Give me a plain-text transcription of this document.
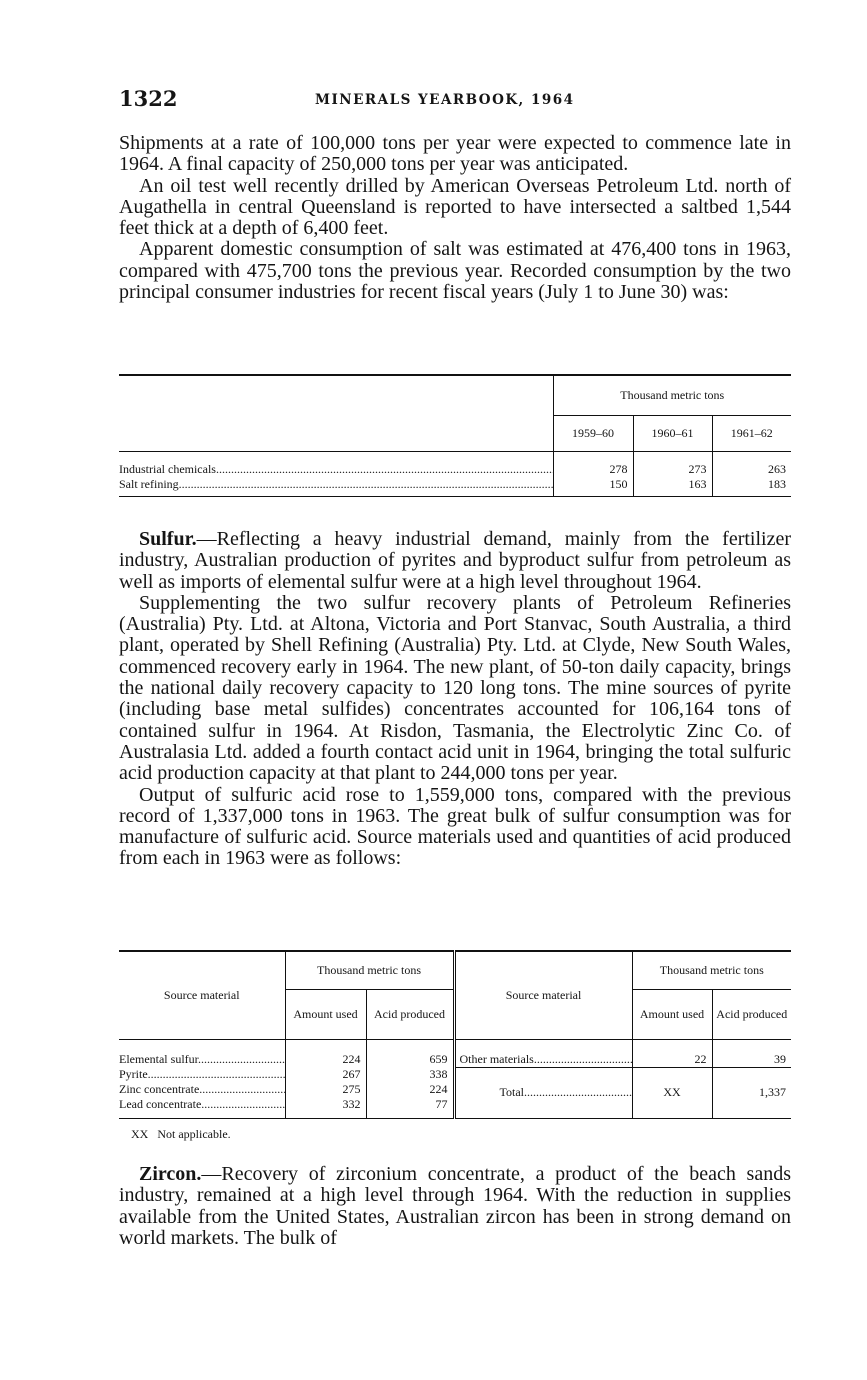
1322	MINERALS YEARBOOK, 1964

Shipments at a rate of 100,000 tons per year were expected to commence late in 1964. A final capacity of 250,000 tons per year was anticipated.

An oil test well recently drilled by American Overseas Petroleum Ltd. north of Augathella in central Queensland is reported to have intersected a saltbed 1,544 feet thick at a depth of 6,400 feet.

Apparent domestic consumption of salt was estimated at 476,400 tons in 1963, compared with 475,700 tons the previous year. Recorded consumption by the two principal consumer industries for recent fiscal years (July 1 to June 30) was:

	Thousand metric tons		
	1959–60	1960–61	1961–62
Industrial chemicals .....	278	273	263
Salt refining .....	150	163	183

Sulfur.—Reflecting a heavy industrial demand, mainly from the fertilizer industry, Australian production of pyrites and byproduct sulfur from petroleum as well as imports of elemental sulfur were at a high level throughout 1964.

Supplementing the two sulfur recovery plants of Petroleum Refineries (Australia) Pty. Ltd. at Altona, Victoria and Port Stanvac, South Australia, a third plant, operated by Shell Refining (Australia) Pty. Ltd. at Clyde, New South Wales, commenced recovery early in 1964. The new plant, of 50-ton daily capacity, brings the national daily recovery capacity to 120 long tons. The mine sources of pyrite (including base metal sulfides) concentrates accounted for 106,164 tons of contained sulfur in 1964. At Risdon, Tasmania, the Electrolytic Zinc Co. of Australasia Ltd. added a fourth contact acid unit in 1964, bringing the total sulfuric acid production capacity at that plant to 244,000 tons per year.

Output of sulfuric acid rose to 1,559,000 tons, compared with the previous record of 1,337,000 tons in 1963. The great bulk of sulfur consumption was for manufacture of sulfuric acid. Source materials used and quantities of acid produced from each in 1963 were as follows:

Source material	Thousand metric tons		Source material	Thousand metric tons	
	Amount used	Acid produced		Amount used	Acid produced
Elemental sulfur .....	224	659	Other materials .....	22	39
Pyrite .....	267	338	Total .....	XX	1,337
Zinc concentrate .....	275	224			
Lead concentrate .....	332	77			
XX Not applicable.

Zircon.—Recovery of zirconium concentrate, a product of the beach sands industry, remained at a high level through 1964. With the reduction in supplies available from the United States, Australian zircon has been in strong demand on world markets. The bulk of
